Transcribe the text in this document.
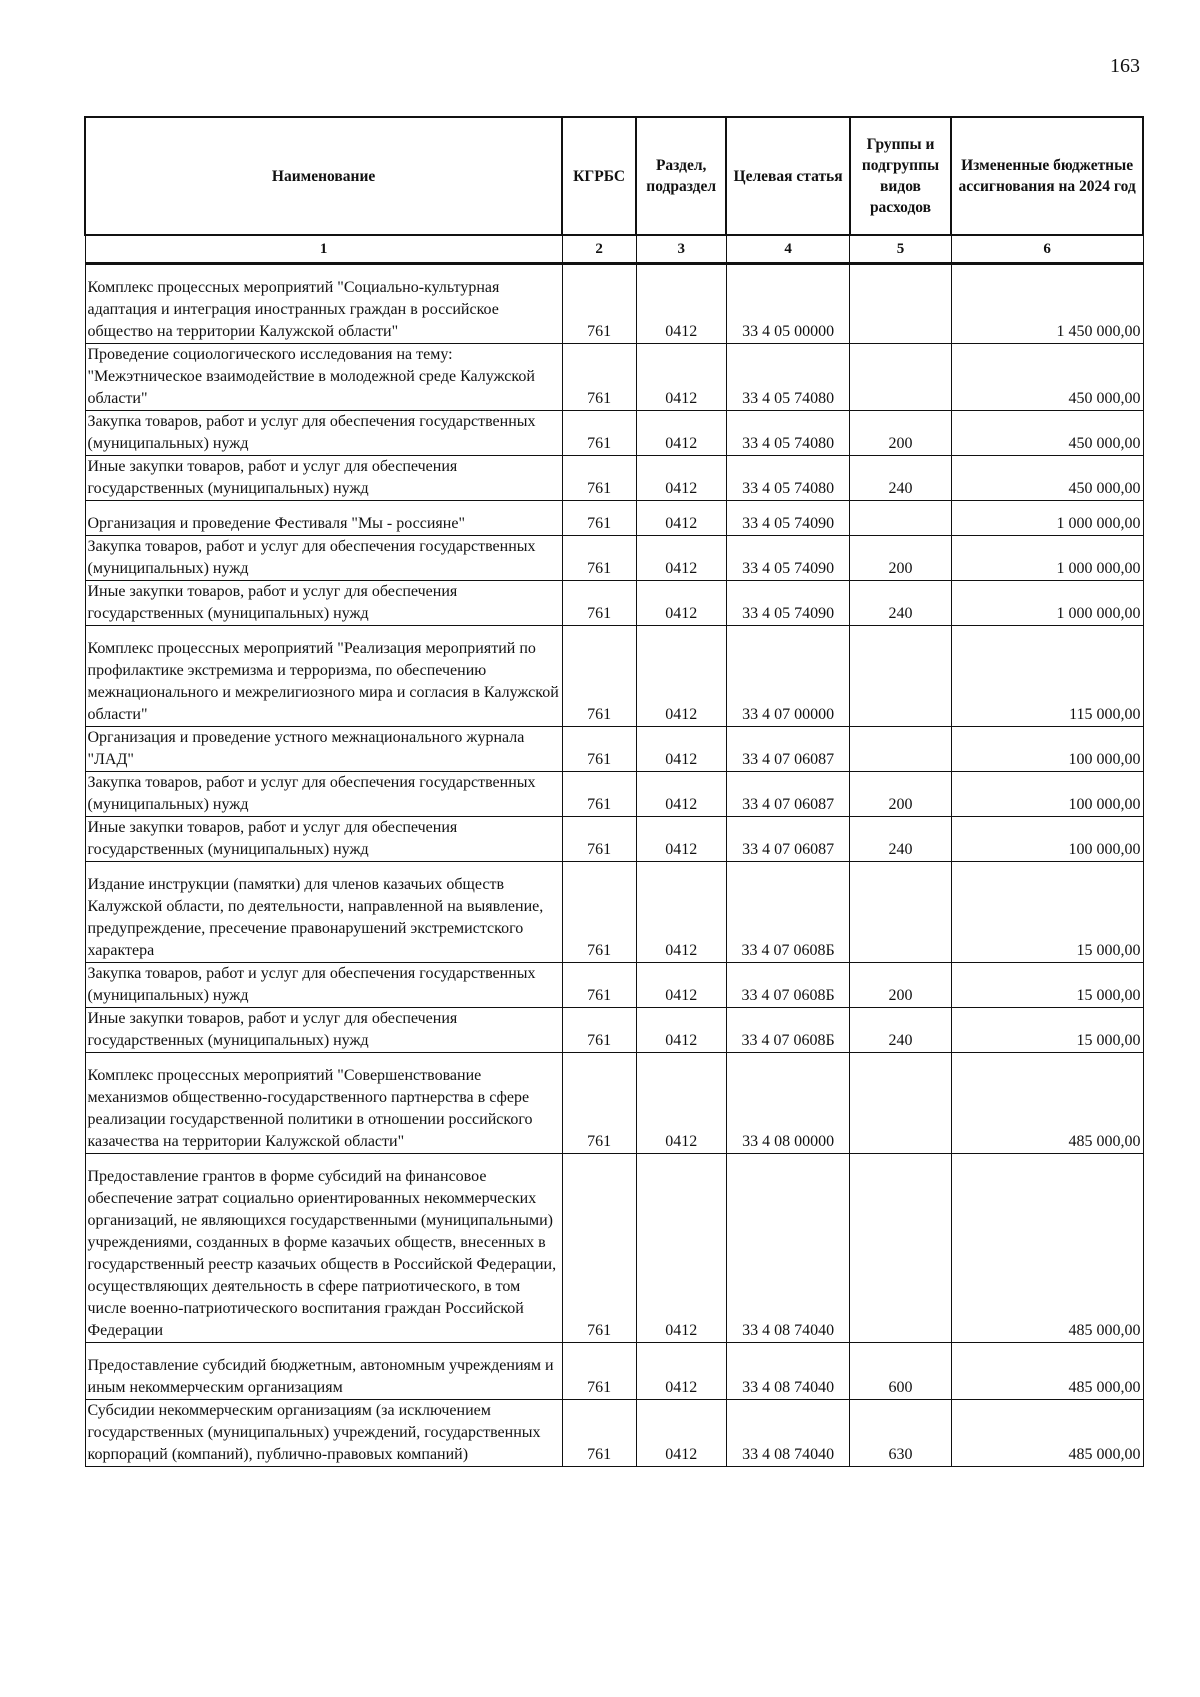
163
Наименование	КГРБС	Раздел, подраздел	Целевая статья	Группы и подгруппы видов расходов	Измененные бюджетные ассигнования на 2024 год
1	2	3	4	5	6
Комплекс процессных мероприятий "Социально-культурная адаптация и интеграция иностранных граждан в российское общество на территории Калужской области"	761	0412	33 4 05 00000		1 450 000,00
Проведение социологического исследования на тему: "Межэтническое взаимодействие в молодежной среде Калужской области"	761	0412	33 4 05 74080		450 000,00
Закупка товаров, работ и услуг для обеспечения государственных (муниципальных) нужд	761	0412	33 4 05 74080	200	450 000,00
Иные закупки товаров, работ и услуг для обеспечения государственных (муниципальных) нужд	761	0412	33 4 05 74080	240	450 000,00
Организация и проведение Фестиваля "Мы - россияне"	761	0412	33 4 05 74090		1 000 000,00
Закупка товаров, работ и услуг для обеспечения государственных (муниципальных) нужд	761	0412	33 4 05 74090	200	1 000 000,00
Иные закупки товаров, работ и услуг для обеспечения государственных (муниципальных) нужд	761	0412	33 4 05 74090	240	1 000 000,00
Комплекс процессных мероприятий "Реализация мероприятий по профилактике экстремизма и терроризма, по обеспечению межнационального и межрелигиозного мира и согласия в Калужской области"	761	0412	33 4 07 00000		115 000,00
Организация и проведение устного межнационального журнала "ЛАД"	761	0412	33 4 07 06087		100 000,00
Закупка товаров, работ и услуг для обеспечения государственных (муниципальных) нужд	761	0412	33 4 07 06087	200	100 000,00
Иные закупки товаров, работ и услуг для обеспечения государственных (муниципальных) нужд	761	0412	33 4 07 06087	240	100 000,00
Издание инструкции (памятки) для членов казачьих обществ Калужской области, по деятельности, направленной на выявление, предупреждение, пресечение правонарушений экстремистского характера	761	0412	33 4 07 0608Б		15 000,00
Закупка товаров, работ и услуг для обеспечения государственных (муниципальных) нужд	761	0412	33 4 07 0608Б	200	15 000,00
Иные закупки товаров, работ и услуг для обеспечения государственных (муниципальных) нужд	761	0412	33 4 07 0608Б	240	15 000,00
Комплекс процессных мероприятий "Совершенствование механизмов общественно-государственного партнерства в сфере реализации государственной политики в отношении российского казачества на территории Калужской области"	761	0412	33 4 08 00000		485 000,00
Предоставление грантов в форме субсидий на финансовое обеспечение затрат социально ориентированных некоммерческих организаций, не являющихся государственными (муниципальными) учреждениями, созданных в форме казачьих обществ, внесенных в государственный реестр казачьих обществ в Российской Федерации, осуществляющих деятельность в сфере патриотического, в том числе военно-патриотического воспитания граждан Российской Федерации	761	0412	33 4 08 74040		485 000,00
Предоставление субсидий бюджетным, автономным учреждениям и иным некоммерческим организациям	761	0412	33 4 08 74040	600	485 000,00
Субсидии некоммерческим организациям (за исключением государственных (муниципальных) учреждений, государственных корпораций (компаний), публично-правовых компаний)	761	0412	33 4 08 74040	630	485 000,00
